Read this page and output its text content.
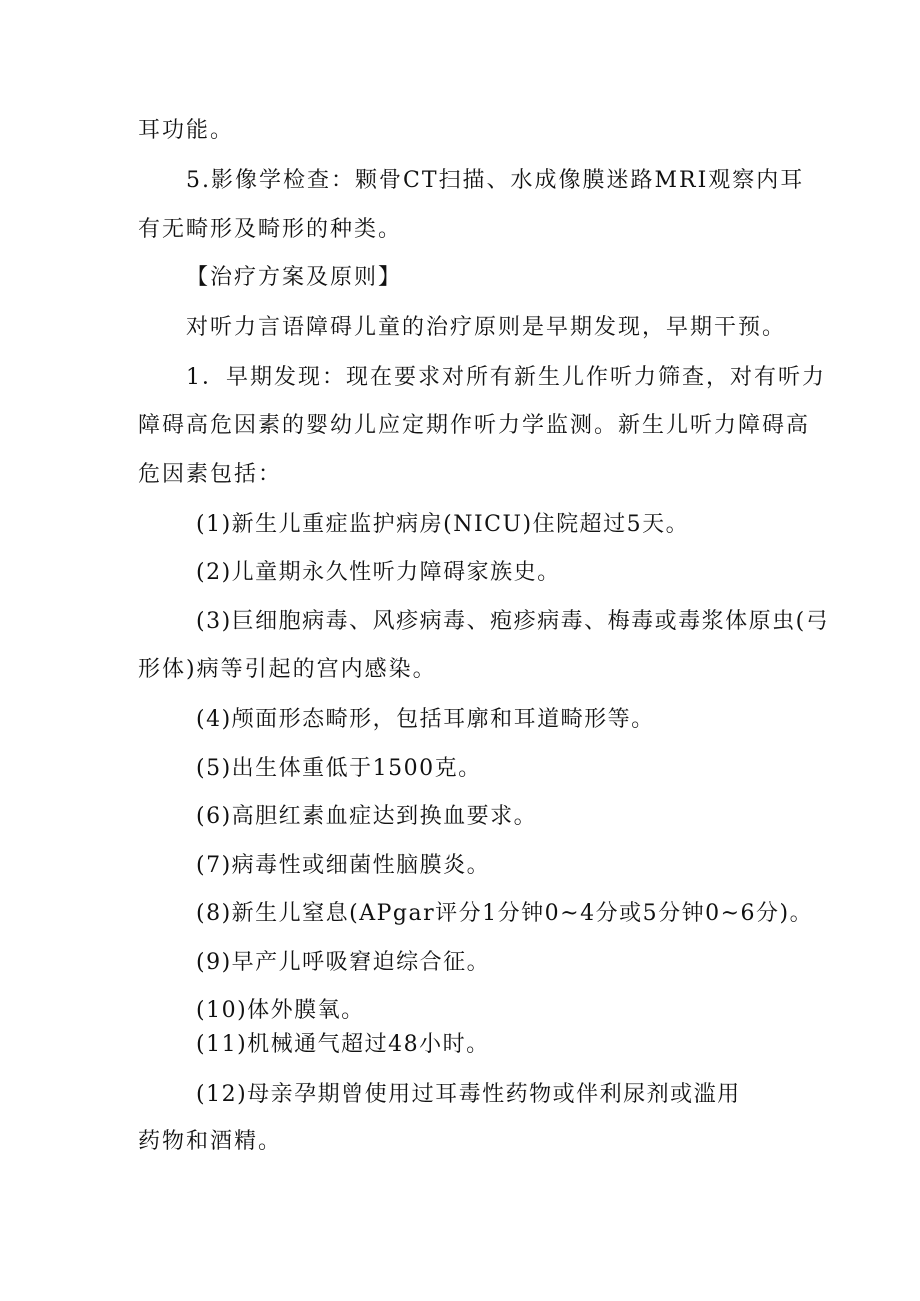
耳功能。
5.影像学检查：颗骨CT扫描、水成像膜迷路MRI观察内耳
有无畸形及畸形的种类。
【治疗方案及原则】
对听力言语障碍儿童的治疗原则是早期发现，早期干预。
1．早期发现：现在要求对所有新生儿作听力筛查，对有听力
障碍高危因素的婴幼儿应定期作听力学监测。新生儿听力障碍高
危因素包括：
(1)新生儿重症监护病房(NICU)住院超过5天。
(2)儿童期永久性听力障碍家族史。
(3)巨细胞病毒、风疹病毒、疱疹病毒、梅毒或毒浆体原虫(弓
形体)病等引起的宫内感染。
(4)颅面形态畸形，包括耳廓和耳道畸形等。
(5)出生体重低于1500克。
(6)高胆红素血症达到换血要求。
(7)病毒性或细菌性脑膜炎。
(8)新生儿窒息(APgar评分1分钟0~4分或5分钟0~6分)。
(9)早产儿呼吸窘迫综合征。
(10)体外膜氧。
(11)机械通气超过48小时。
(12)母亲孕期曾使用过耳毒性药物或伴利尿剂或滥用
药物和酒精。
